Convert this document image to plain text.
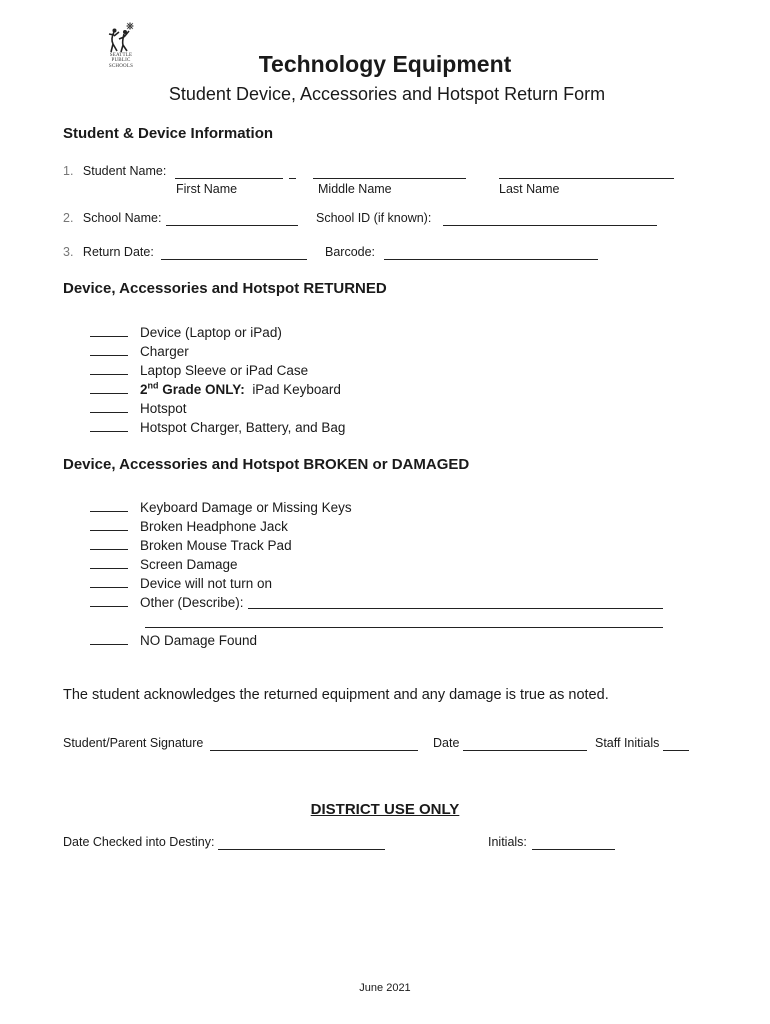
SEATTLE
PUBLIC
SCHOOLS	Technology Equipment
Student Device, Accessories and Hotspot Return Form
Student & Device Information
1. Student Name:
First Name	Middle Name	Last Name
2. School Name:	School ID (if known):
3. Return Date:	Barcode:
Device, Accessories and Hotspot RETURNED
Device (Laptop or iPad)
Charger
Laptop Sleeve or iPad Case
2nd Grade ONLY: iPad Keyboard
Hotspot
Hotspot Charger, Battery, and Bag
Device, Accessories and Hotspot BROKEN or DAMAGED
Keyboard Damage or Missing Keys
Broken Headphone Jack
Broken Mouse Track Pad
Screen Damage
Device will not turn on
Other (Describe):
NO Damage Found
The student acknowledges the returned equipment and any damage is true as noted.
Student/Parent Signature	Date	Staff Initials
DISTRICT USE ONLY
Date Checked into Destiny:	Initials:
June 2021
